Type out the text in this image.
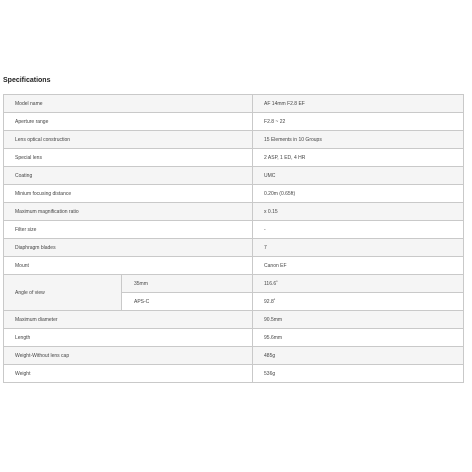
Specifications
Model name		AF 14mm F2.8 EF
Aperture range		F2.8 ~ 22
Lens optical construction		15 Elements in 10 Groups
Special lens		2 ASP, 1 ED, 4 HR
Coating		UMC
Minium focusing distance		0.20m (0.65ft)
Maximum magnification ratio		x 0.15
Filter size		-
Diaphragm blades		7
Mount		Canon EF
Angle of view	35mm	116.6˚
	APS-C	92.8˚
Maximum diameter		90.5mm
Length		95.6mm
Weight-Without lens cap		485g
Weight		536g
